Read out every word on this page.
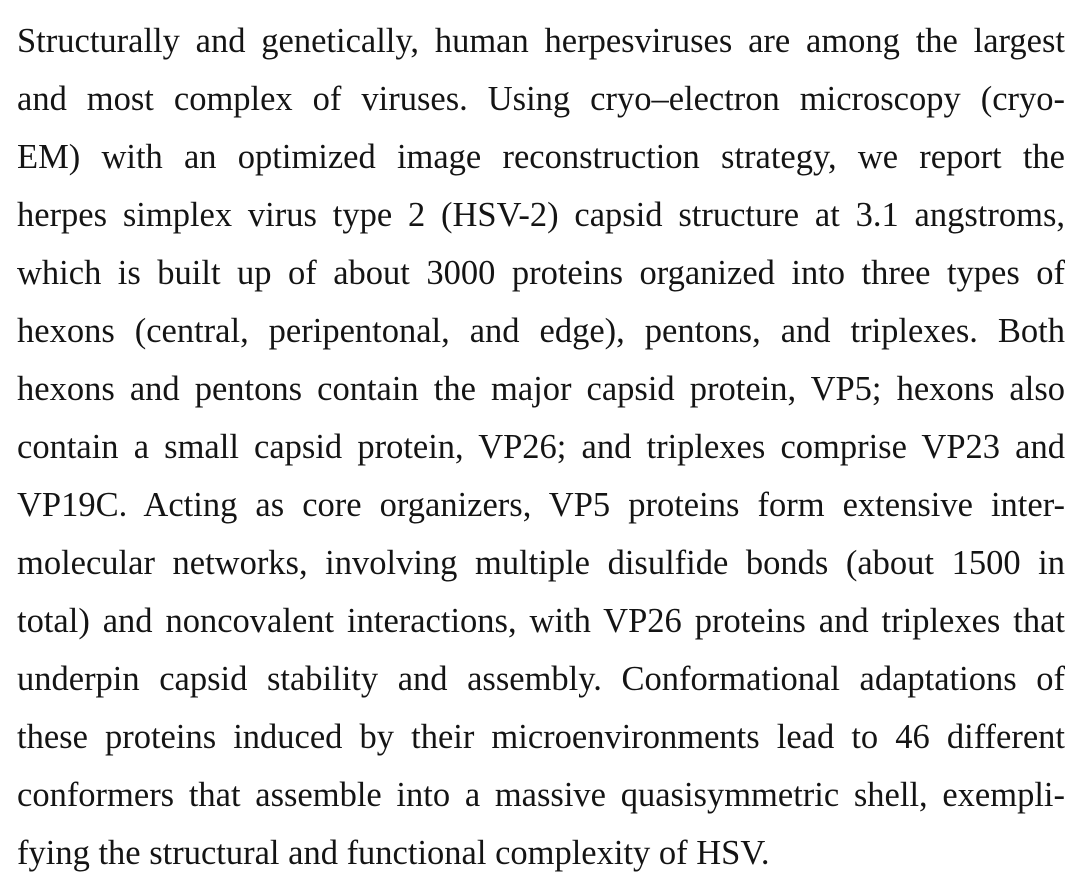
Structurally and genetically, human herpesviruses are among the largest
and most complex of viruses. Using cryo–electron microscopy (cryo-
EM) with an optimized image reconstruction strategy, we report the
herpes simplex virus type 2 (HSV-2) capsid structure at 3.1 angstroms,
which is built up of about 3000 proteins organized into three types of
hexons (central, peripentonal, and edge), pentons, and triplexes. Both
hexons and pentons contain the major capsid protein, VP5; hexons also
contain a small capsid protein, VP26; and triplexes comprise VP23 and
VP19C. Acting as core organizers, VP5 proteins form extensive inter-
molecular networks, involving multiple disulfide bonds (about 1500 in
total) and noncovalent interactions, with VP26 proteins and triplexes that
underpin capsid stability and assembly. Conformational adaptations of
these proteins induced by their microenvironments lead to 46 different
conformers that assemble into a massive quasisymmetric shell, exempli-
fying the structural and functional complexity of HSV.
